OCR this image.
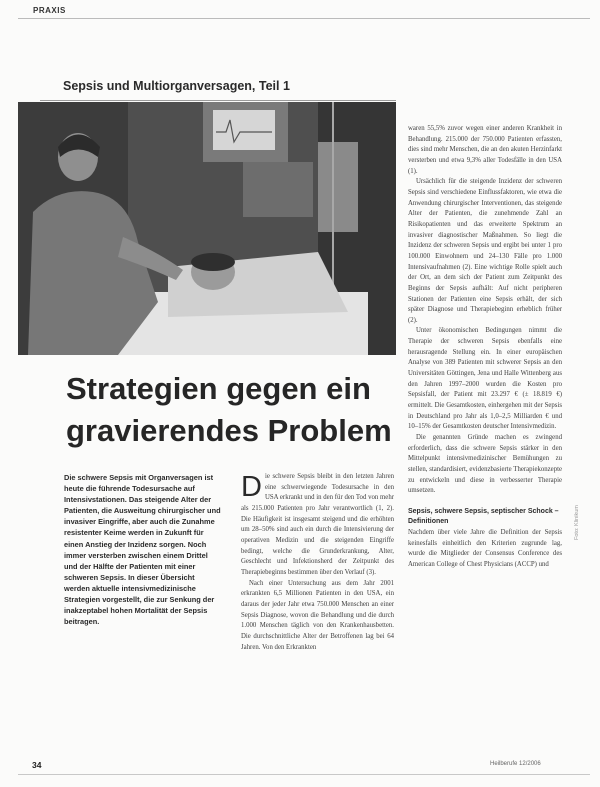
PRAXIS
Sepsis und Multiorganversagen, Teil 1
Strategien gegen ein
gravierendes Problem
Die schwere Sepsis mit Organversagen ist heute die führende Todesursache auf Intensivstationen. Das steigende Alter der Patienten, die Ausweitung chirurgischer und invasiver Eingriffe, aber auch die Zunahme resistenter Keime werden in Zukunft für einen Anstieg der Inzidenz sorgen. Noch immer versterben zwischen einem Drittel und der Hälfte der Patienten mit einer schweren Sepsis. In dieser Übersicht werden aktuelle intensivmedizinische Strategien vorgestellt, die zur Senkung der inakzeptabel hohen Mortalität der Sepsis beitragen.

Die schwere Sepsis bleibt in den letzten Jahren eine schwerwiegende Todesursache in den USA erkrankt und in den für den Tod von mehr als 215.000 Patienten pro Jahr verantwortlich (1, 2). Die Häufigkeit ist insgesamt steigend und die erhöhten um 28–50% sind auch ein durch die Intensivierung der operativen Medizin und die steigenden Eingriffe bedingt, welche die Grunderkrankung, Alter, Geschlecht und Infektionsherd der Zeitpunkt des Therapiebeginns bestimmen über den Verlauf (3).

Nach einer Untersuchung aus dem Jahr 2001 erkrankten 6,5 Millionen Patienten in den USA, ein daraus der jeder Jahr etwa 750.000 Menschen an einer Sepsis Diagnose, wovon die Behandlung und die durch 1.000 Menschen täglich von den Krankenhausbetten. Die durchschnittliche Alter der Betroffenen lag bei 64 Jahren. Von den Erkrankten

waren 55,5% zuvor wegen einer anderen Krankheit in Behandlung. 215.000 der 750.000 Patienten erfassten, dies sind mehr Menschen, die an den akuten Herzinfarkt versterben und etwa 9,3% aller Todesfälle in den USA (1).

Ursächlich für die steigende Inzidenz der schweren Sepsis sind verschiedene Einflussfaktoren, wie etwa die Anwendung chirurgischer Interventionen, das steigende Alter der Patienten, die zunehmende Zahl an Risikopatienten und das erweiterte Spektrum an invasiver diagnostischer Maßnahmen. So liegt die Inzidenz der schweren Sepsis und ergibt bei unter 1 pro 100.000 Einwohnern und 24–130 Fälle pro 1.000 Intensivaufnahmen (2). Eine wichtige Rolle spielt auch der Ort, an dem sich der Patient zum Zeitpunkt des Beginns der Sepsis aufhält: Auf nicht peripheren Stationen der Patienten eine Sepsis erhält, der sich später Diagnose und Therapiebeginn erheblich früher (2).

Unter ökonomischen Bedingungen nimmt die Therapie der schweren Sepsis ebenfalls eine herausragende Stellung ein. In einer europäischen Analyse von 389 Patienten mit schwerer Sepsis an den Universitäten Göttingen, Jena und Halle Wittenberg aus den Jahren 1997–2000 wurden die Kosten pro Sepsisfall, der Patient mit 23.297 € (± 18.819 €) ermittelt. Die Gesamtkosten, einhergehen mit der Sepsis in Deutschland pro Jahr als 1,0–2,5 Milliarden € und 10–15% der Gesamtkosten deutscher Intensivmedizin.

Die genannten Gründe machen es zwingend erforderlich, dass die schwere Sepsis stärker in den Mittelpunkt intensivmedizinischer Bemühungen zu stellen, standardisiert, evidenzbasierte Therapiekonzepte zu entwickeln und diese in verbesserter Therapie umsetzen.

Sepsis, schwere Sepsis, septischer Schock – Definitionen

Nachdem über viele Jahre die Definition der Sepsis keinesfalls einheitlich den Kriterien zugrunde lag, wurde die Mitglieder der Consensus Conference des American College of Chest Physicians (ACCP) und

Foto: Klinikum
34	Heilberufe 12/2006
